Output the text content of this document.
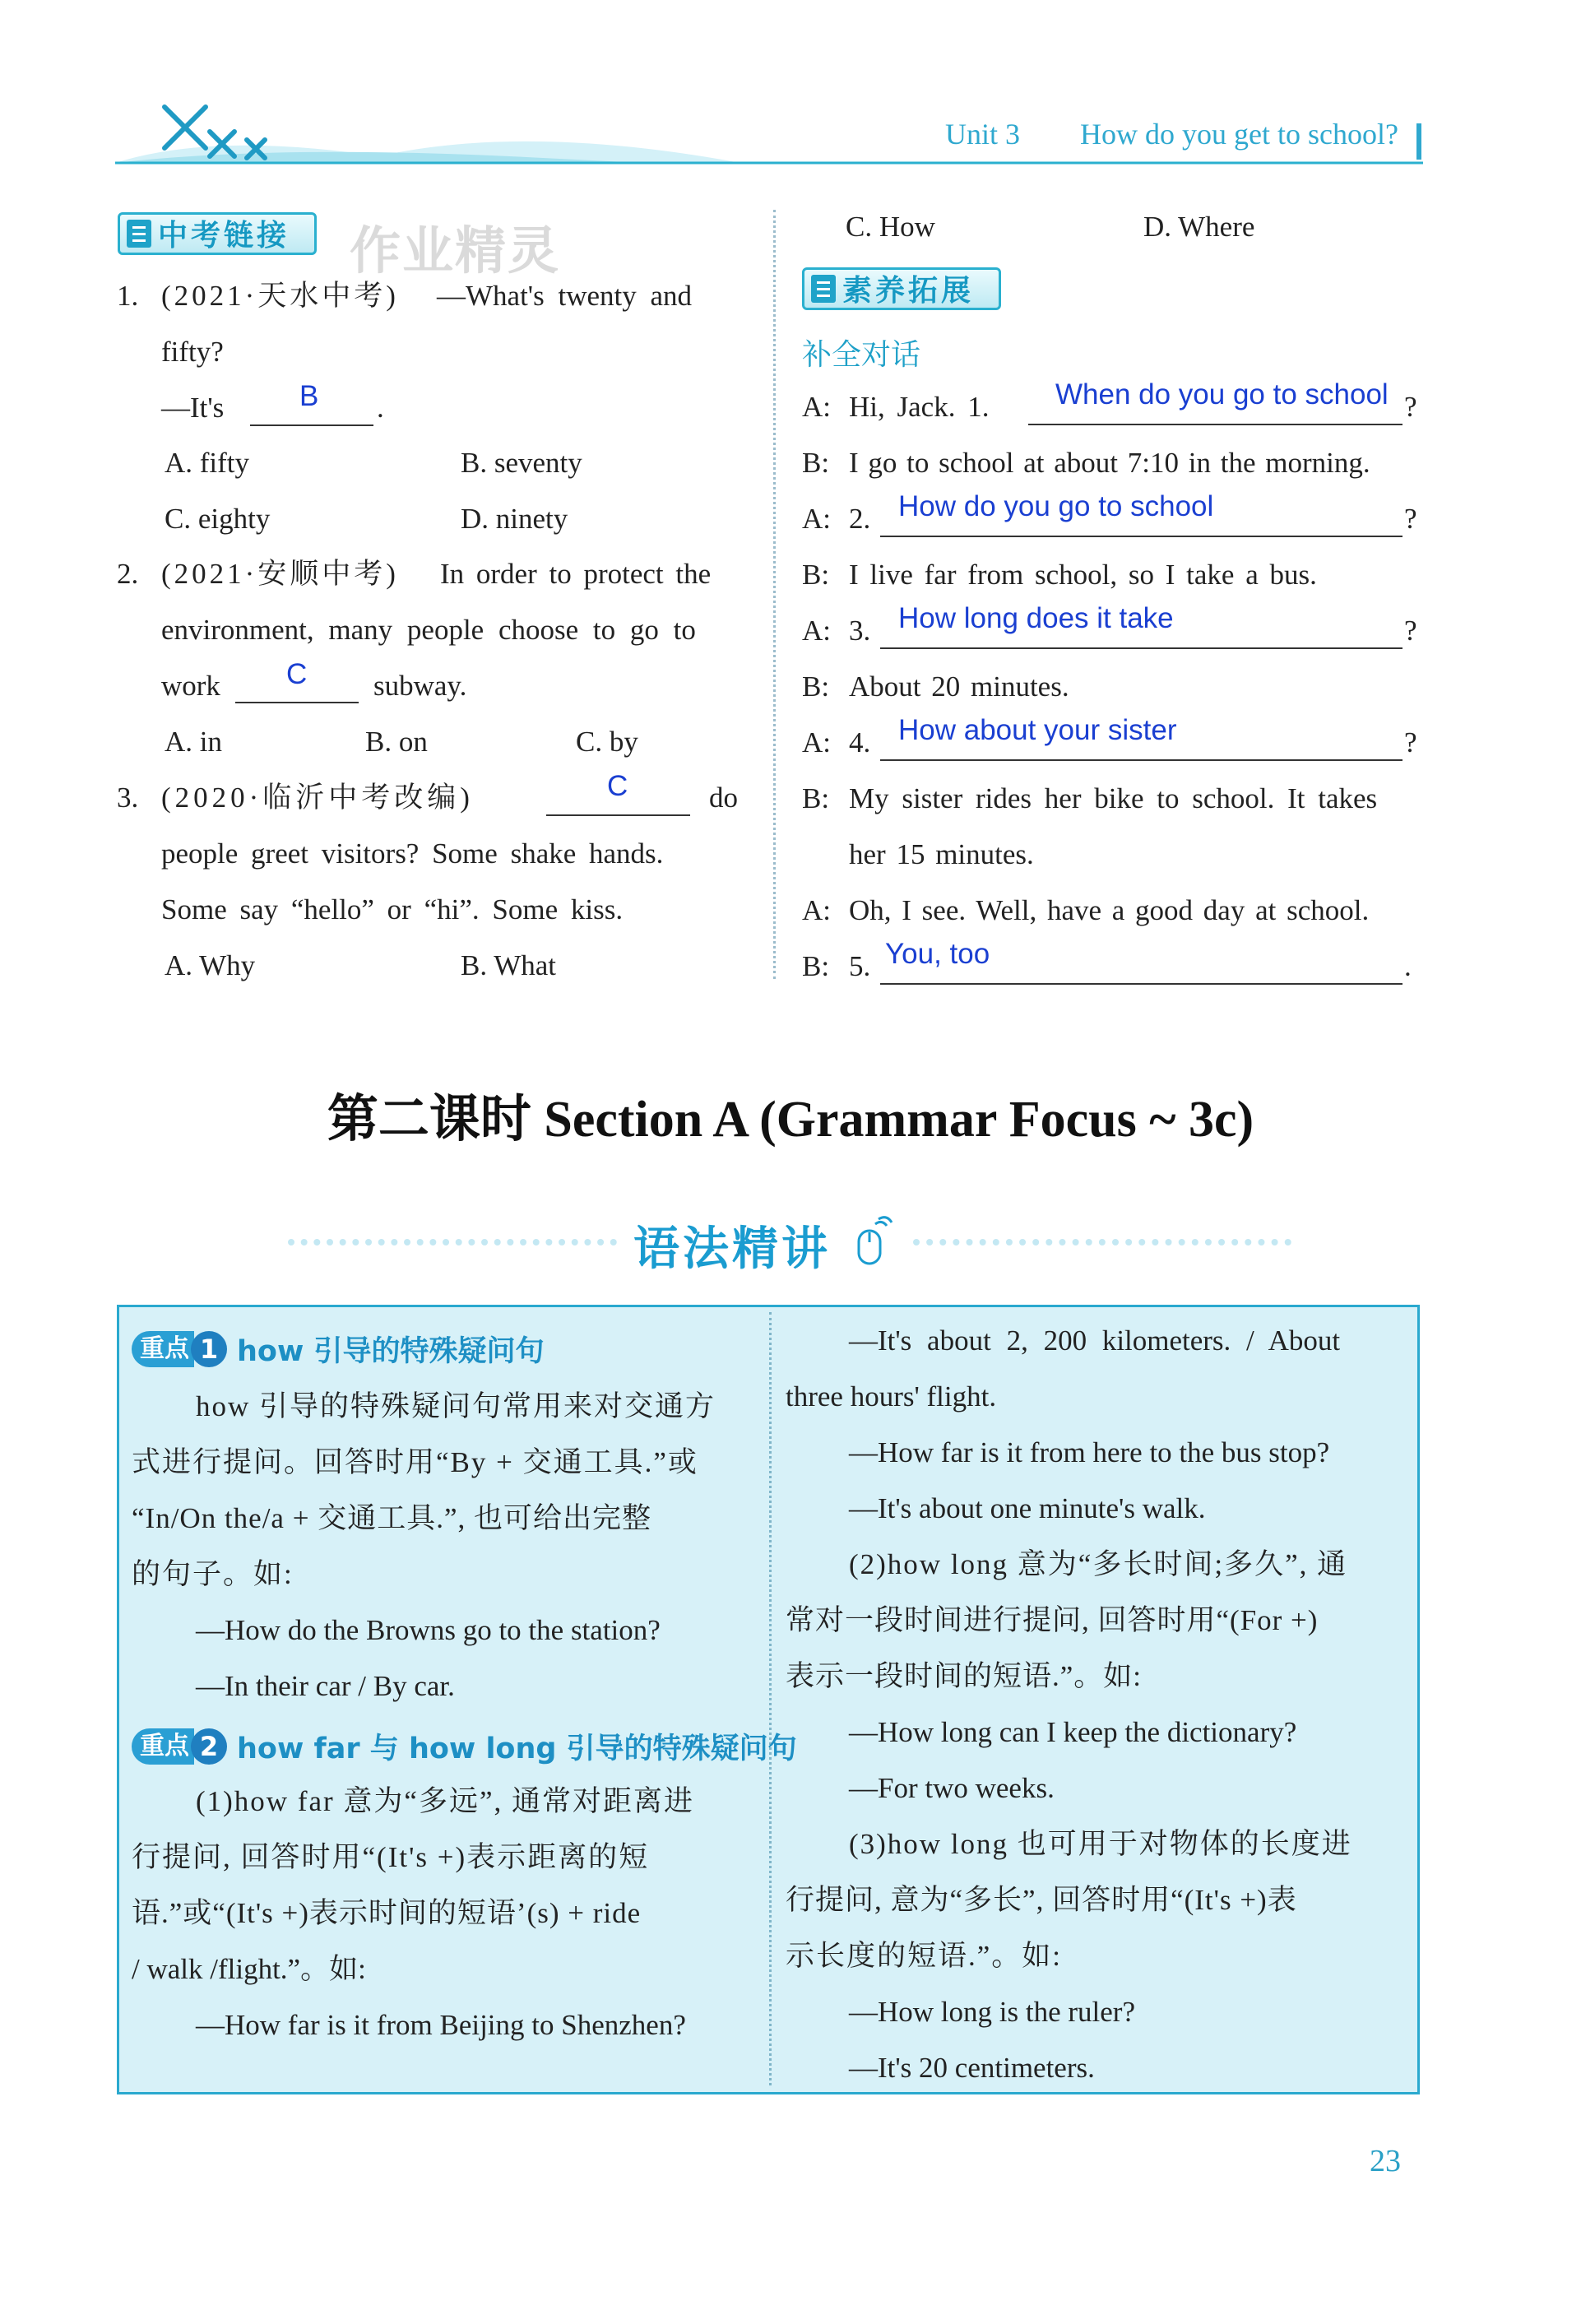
Unit 3 How do you get to school?
中考链接	作业精灵
1. (2021·天水中考) —What's twenty and
fifty?
—It's	B .
A. fifty	B. seventy
C. eighty	D. ninety
2. (2021·安顺中考) In order to protect the
environment, many people choose to go to
work C subway.
A. in	B. on	C. by
3. (2020·临沂中考改编)	C	do
people greet visitors? Some shake hands.
Some say “hello” or “hi”. Some kiss.
A. Why	B. What
C. How	D. Where
素养拓展
补全对话
A: Hi, Jack. 1. When do you go to school ?
B: I go to school at about 7:10 in the morning.
A: 2. How do you go to school	?
B: I live far from school, so I take a bus.
A: 3. How long does it take	?
B: About 20 minutes.
A: 4. How about your sister	?
B: My sister rides her bike to school. It takes
her 15 minutes.
A: Oh, I see. Well, have a good day at school.
B: 5. You, too	.
第二课时 Section A (Grammar Focus ~ 3c)
语法精讲
重点 1 how 引导的特殊疑问句
how 引导的特殊疑问句常用来对交通方
式进行提问。回答时用“By + 交通工具.”或
“In/On the/a + 交通工具.”, 也可给出完整
的句子。如:
—How do the Browns go to the station?
—In their car / By car.
重点 2 how far 与 how long 引导的特殊疑问句
(1)how far 意为“多远”, 通常对距离进
行提问, 回答时用“(It's +)表示距离的短
语.”或“(It's +)表示时间的短语’(s) + ride
/ walk /flight.”。如:
—How far is it from Beijing to Shenzhen?
—It's about 2, 200 kilometers. / About
three hours' flight.
—How far is it from here to the bus stop?
—It's about one minute's walk.
(2)how long 意为“多长时间;多久”, 通
常对一段时间进行提问, 回答时用“(For +)
表示一段时间的短语.”。如:
—How long can I keep the dictionary?
—For two weeks.
(3)how long 也可用于对物体的长度进
行提问, 意为“多长”, 回答时用“(It's +)表
示长度的短语.”。如:
—How long is the ruler?
—It's 20 centimeters.
23
